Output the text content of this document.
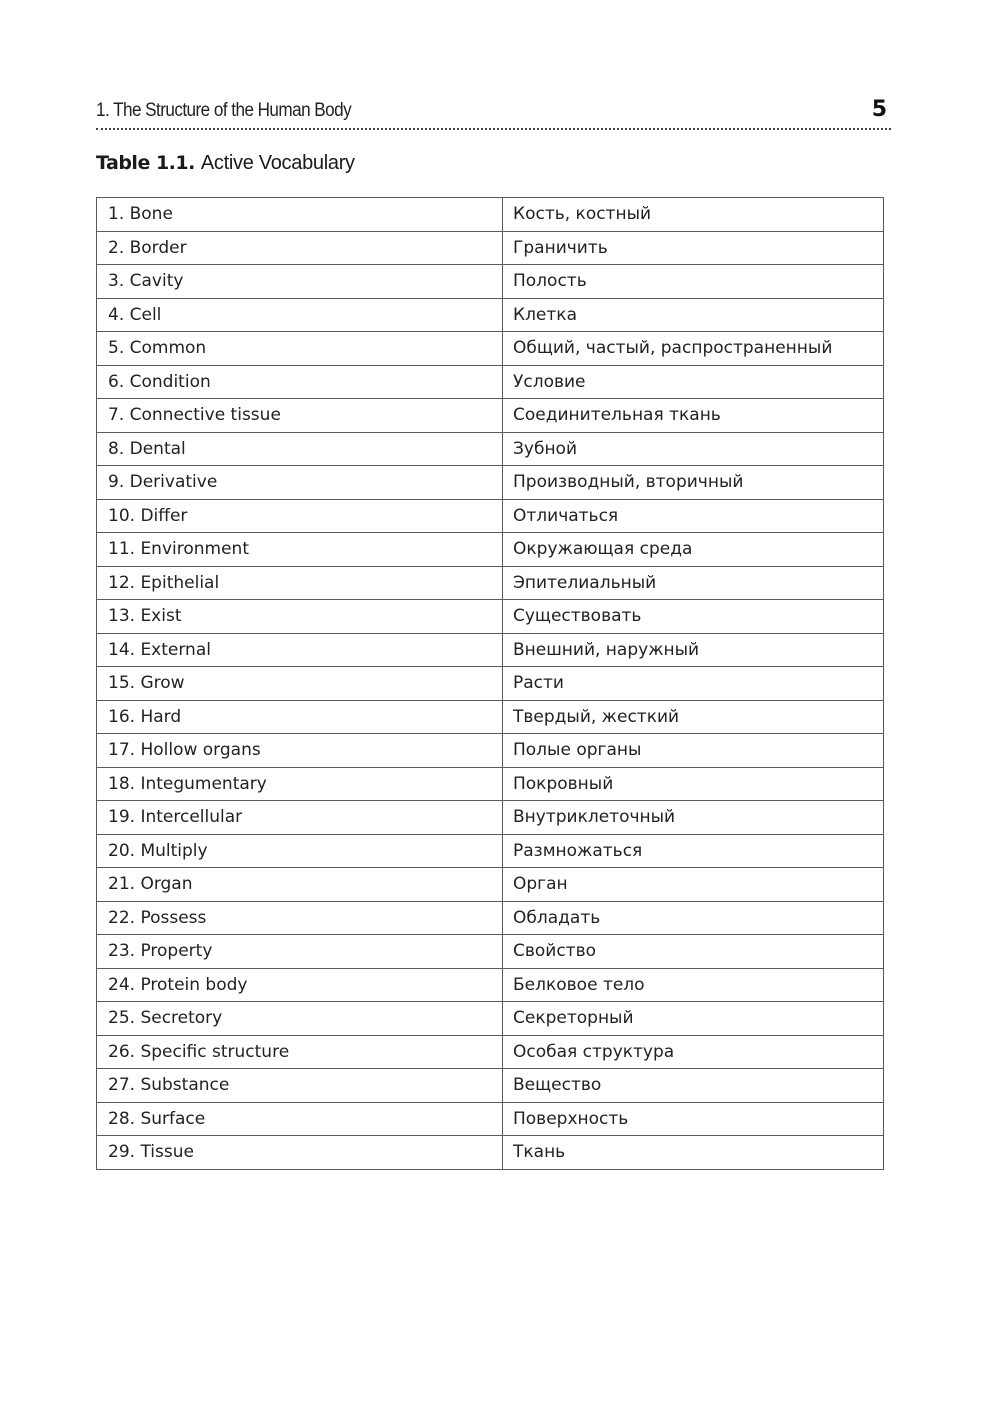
1. The Structure of the Human Body	5
Table 1.1. Active Vocabulary
1. Bone	Кость, костный
2. Border	Граничить
3. Cavity	Полость
4. Cell	Клетка
5. Common	Общий, частый, распространенный
6. Condition	Условие
7. Connective tissue	Соединительная ткань
8. Dental	Зубной
9. Derivative	Производный, вторичный
10. Differ	Отличаться
11. Environment	Окружающая среда
12. Epithelial	Эпителиальный
13. Exist	Существовать
14. External	Внешний, наружный
15. Grow	Расти
16. Hard	Твердый, жесткий
17. Hollow organs	Полые органы
18. Integumentary	Покровный
19. Intercellular	Внутриклеточный
20. Multiply	Размножаться
21. Organ	Орган
22. Possess	Обладать
23. Property	Свойство
24. Protein body	Белковое тело
25. Secretory	Секреторный
26. Specific structure	Особая структура
27. Substance	Вещество
28. Surface	Поверхность
29. Tissue	Ткань
